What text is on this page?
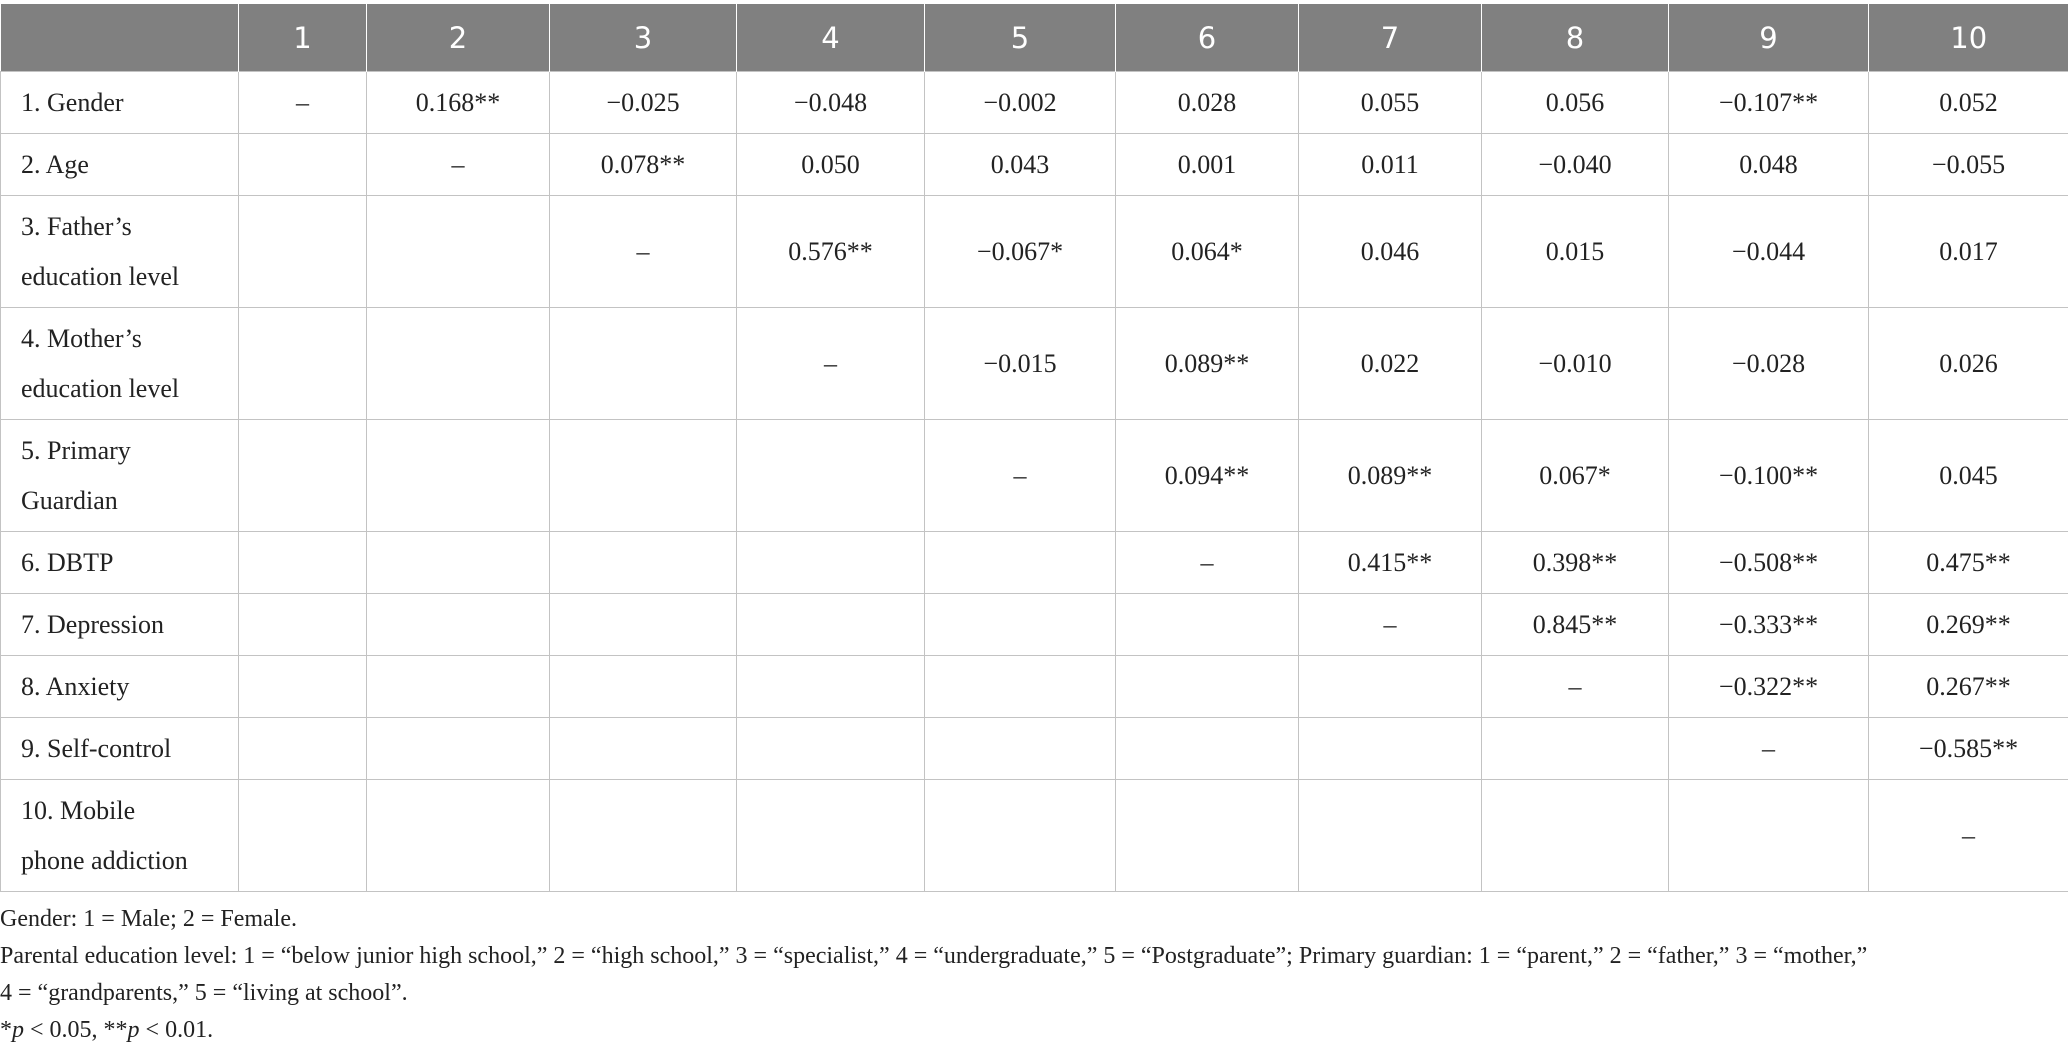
	1	2	3	4	5	6	7	8	9	10

1. Gender	–	0.168**	−0.025	−0.048	−0.002	0.028	0.055	0.056	−0.107**	0.052

2. Age		–	0.078**	0.050	0.043	0.001	0.011	−0.040	0.048	−0.055

3. Father’s
education level			–	0.576**	−0.067*	0.064*	0.046	0.015	−0.044	0.017

4. Mother’s
education level				–	−0.015	0.089**	0.022	−0.010	−0.028	0.026

5. Primary
Guardian					–	0.094**	0.089**	0.067*	−0.100**	0.045

6. DBTP						–	0.415**	0.398**	−0.508**	0.475**

7. Depression							–	0.845**	−0.333**	0.269**

8. Anxiety								–	−0.322**	0.267**

9. Self-control									–	−0.585**

10. Mobile
phone addiction										–

Gender: 1 = Male; 2 = Female.

Parental education level: 1 = “below junior high school,” 2 = “high school,” 3 = “specialist,” 4 = “undergraduate,” 5 = “Postgraduate”; Primary guardian: 1 = “parent,” 2 = “father,” 3 = “mother,”

4 = “grandparents,” 5 = “living at school”.

*p < 0.05, **p < 0.01.
